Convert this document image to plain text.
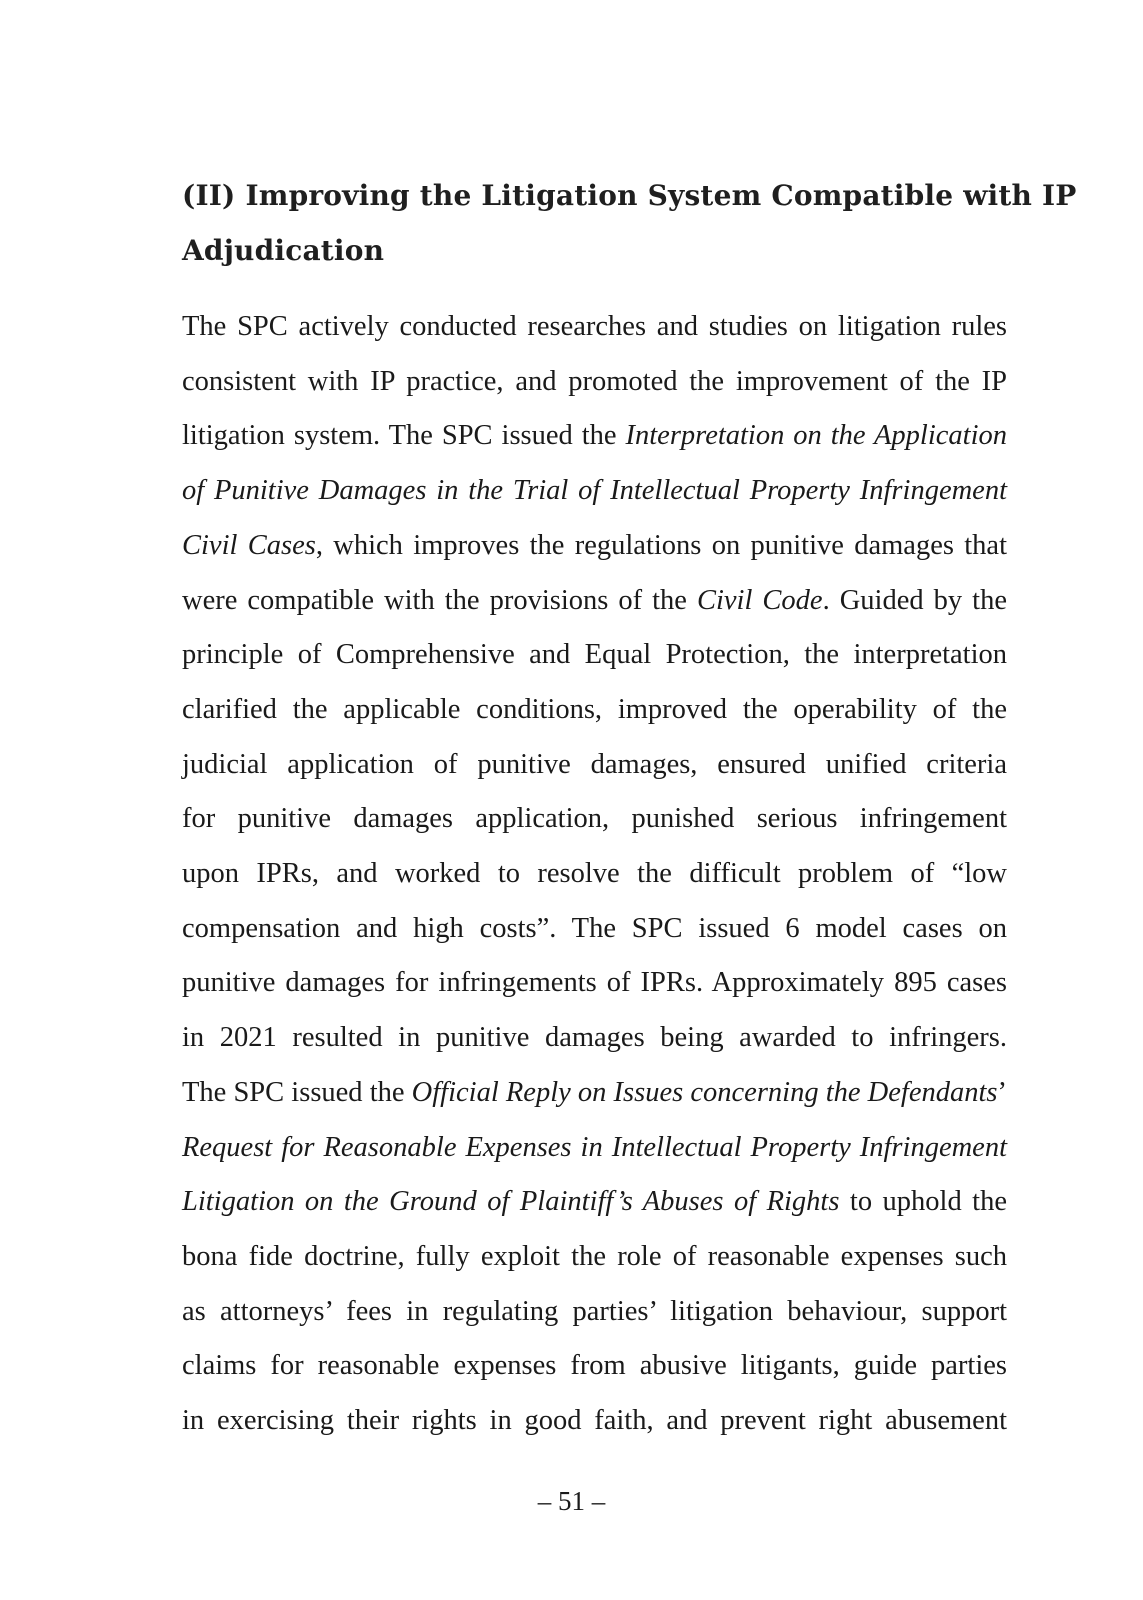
(II) Improving the Litigation System Compatible with IP
Adjudication
The SPC actively conducted researches and studies on litigation rules
consistent with IP practice, and promoted the improvement of the IP
litigation system. The SPC issued the Interpretation on the Application
of Punitive Damages in the Trial of Intellectual Property Infringement
Civil Cases, which improves the regulations on punitive damages that
were compatible with the provisions of the Civil Code. Guided by the
principle of Comprehensive and Equal Protection, the interpretation
clarified the applicable conditions, improved the operability of the
judicial application of punitive damages, ensured unified criteria
for punitive damages application, punished serious infringement
upon IPRs, and worked to resolve the difficult problem of “low
compensation and high costs”. The SPC issued 6 model cases on
punitive damages for infringements of IPRs. Approximately 895 cases
in 2021 resulted in punitive damages being awarded to infringers.
The SPC issued the Official Reply on Issues concerning the Defendants’
Request for Reasonable Expenses in Intellectual Property Infringement
Litigation on the Ground of Plaintiff’s Abuses of Rights to uphold the
bona fide doctrine, fully exploit the role of reasonable expenses such
as attorneys’ fees in regulating parties’ litigation behaviour, support
claims for reasonable expenses from abusive litigants, guide parties
in exercising their rights in good faith, and prevent right abusement

– 51 –
